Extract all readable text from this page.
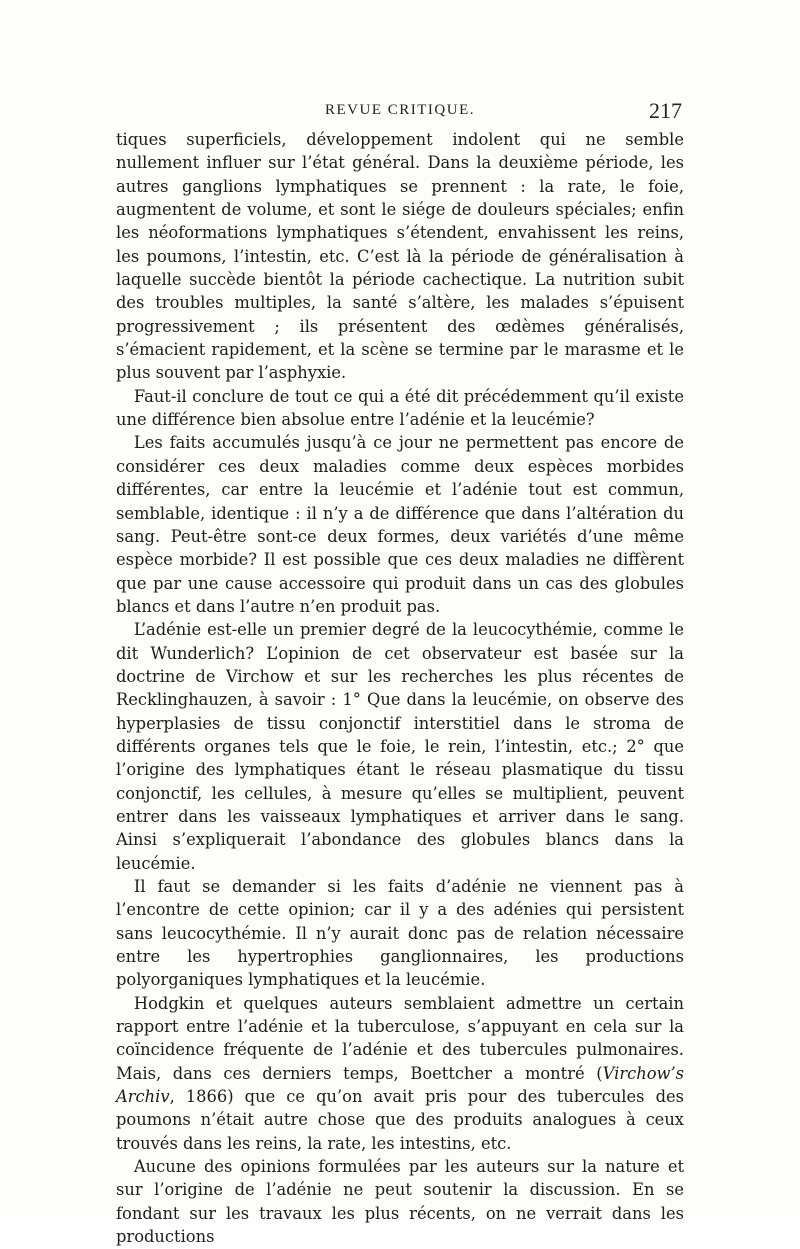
REVUE CRITIQUE.	217

tiques superficiels, développement indolent qui ne semble nullement influer sur l’état général. Dans la deuxième période, les autres ganglions lymphatiques se prennent : la rate, le foie, augmentent de volume, et sont le siége de douleurs spéciales; enfin les néoformations lymphatiques s’étendent, envahissent les reins, les poumons, l’intestin, etc. C’est là la période de généralisation à laquelle succède bientôt la période cachectique. La nutrition subit des troubles multiples, la santé s’altère, les malades s’épuisent progressivement ; ils présentent des œdèmes généralisés, s’émacient rapidement, et la scène se termine par le marasme et le plus souvent par l’asphyxie.

Faut-il conclure de tout ce qui a été dit précédemment qu’il existe une différence bien absolue entre l’adénie et la leucémie?

Les faits accumulés jusqu’à ce jour ne permettent pas encore de considérer ces deux maladies comme deux espèces morbides différentes, car entre la leucémie et l’adénie tout est commun, semblable, identique : il n’y a de différence que dans l’altération du sang. Peut-être sont-ce deux formes, deux variétés d’une même espèce morbide? Il est possible que ces deux maladies ne diffèrent que par une cause accessoire qui produit dans un cas des globules blancs et dans l’autre n’en produit pas.

L’adénie est-elle un premier degré de la leucocythémie, comme le dit Wunderlich? L’opinion de cet observateur est basée sur la doctrine de Virchow et sur les recherches les plus récentes de Recklinghauzen, à savoir : 1° Que dans la leucémie, on observe des hyperplasies de tissu conjonctif interstitiel dans le stroma de différents organes tels que le foie, le rein, l’intestin, etc.; 2° que l’origine des lymphatiques étant le réseau plasmatique du tissu conjonctif, les cellules, à mesure qu’elles se multiplient, peuvent entrer dans les vaisseaux lymphatiques et arriver dans le sang. Ainsi s’expliquerait l’abondance des globules blancs dans la leucémie.

Il faut se demander si les faits d’adénie ne viennent pas à l’encontre de cette opinion; car il y a des adénies qui persistent sans leucocythémie. Il n’y aurait donc pas de relation nécessaire entre les hypertrophies ganglionnaires, les productions polyorganiques lymphatiques et la leucémie.

Hodgkin et quelques auteurs semblaient admettre un certain rapport entre l’adénie et la tuberculose, s’appuyant en cela sur la coïncidence fréquente de l’adénie et des tubercules pulmonaires. Mais, dans ces derniers temps, Boettcher a montré (Virchow’s Archiv, 1866) que ce qu’on avait pris pour des tubercules des poumons n’était autre chose que des produits analogues à ceux trouvés dans les reins, la rate, les intestins, etc.

Aucune des opinions formulées par les auteurs sur la nature et sur l’origine de l’adénie ne peut soutenir la discussion. En se fondant sur les travaux les plus récents, on ne verrait dans les productions
